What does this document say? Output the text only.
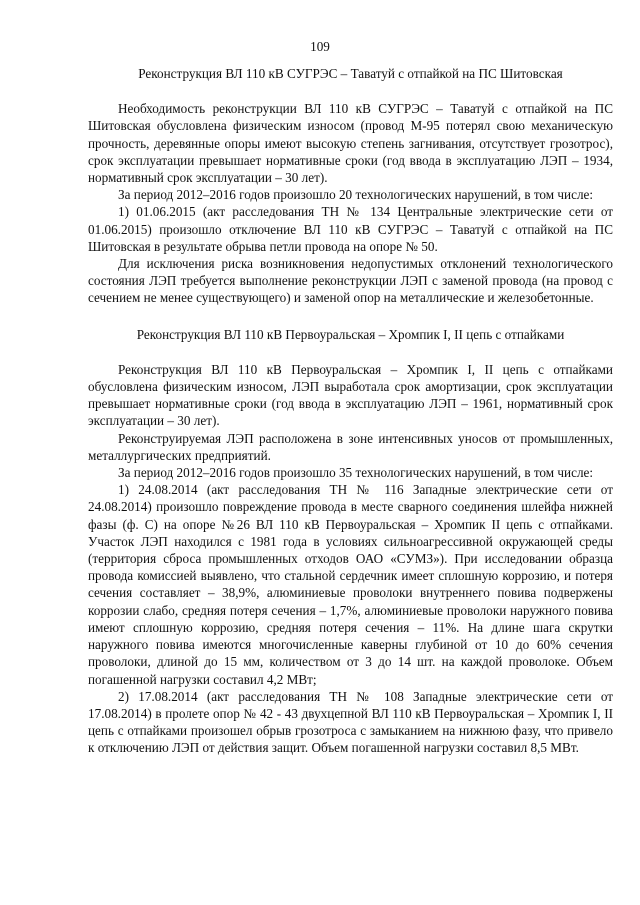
109

Реконструкция ВЛ 110 кВ СУГРЭС – Таватуй с отпайкой на ПС Шитовская

Необходимость реконструкции ВЛ 110 кВ СУГРЭС – Таватуй с отпайкой на ПС Шитовская обусловлена физическим износом (провод М-95 потерял свою механическую прочность, деревянные опоры имеют высокую степень загнивания, отсутствует грозотрос), срок эксплуатации превышает нормативные сроки (год ввода в эксплуатацию ЛЭП – 1934, нормативный срок эксплуатации – 30 лет).

За период 2012–2016 годов произошло 20 технологических нарушений, в том числе:

1) 01.06.2015 (акт расследования ТН № 134 Центральные электрические сети от 01.06.2015) произошло отключение ВЛ 110 кВ СУГРЭС – Таватуй с отпайкой на ПС Шитовская в результате обрыва петли провода на опоре № 50.

Для исключения риска возникновения недопустимых отклонений технологического состояния ЛЭП требуется выполнение реконструкции ЛЭП с заменой провода (на провод с сечением не менее существующего) и заменой опор на металлические и железобетонные.

Реконструкция ВЛ 110 кВ Первоуральская – Хромпик I, II цепь с отпайками

Реконструкция ВЛ 110 кВ Первоуральская – Хромпик I, II цепь с отпайками обусловлена физическим износом, ЛЭП выработала срок амортизации, срок эксплуатации превышает нормативные сроки (год ввода в эксплуатацию ЛЭП – 1961, нормативный срок эксплуатации – 30 лет).

Реконструируемая ЛЭП расположена в зоне интенсивных уносов от промышленных, металлургических предприятий.

За период 2012–2016 годов произошло 35 технологических нарушений, в том числе:

1) 24.08.2014 (акт расследования ТН № 116 Западные электрические сети от 24.08.2014) произошло повреждение провода в месте сварного соединения шлейфа нижней фазы (ф. С) на опоре №26 ВЛ 110 кВ Первоуральская – Хромпик II цепь с отпайками. Участок ЛЭП находился с 1981 года в условиях сильноагрессивной окружающей среды (территория сброса промышленных отходов ОАО «СУМЗ»). При исследовании образца провода комиссией выявлено, что стальной сердечник имеет сплошную коррозию, и потеря сечения составляет – 38,9%, алюминиевые проволоки внутреннего повива подвержены коррозии слабо, средняя потеря сечения – 1,7%, алюминиевые проволоки наружного повива имеют сплошную коррозию, средняя потеря сечения – 11%. На длине шага скрутки наружного повива имеются многочисленные каверны глубиной от 10 до 60% сечения проволоки, длиной до 15 мм, количеством от 3 до 14 шт. на каждой проволоке. Объем погашенной нагрузки составил 4,2 МВт;

2) 17.08.2014 (акт расследования ТН № 108 Западные электрические сети от 17.08.2014) в пролете опор № 42 - 43 двухцепной ВЛ 110 кВ Первоуральская – Хромпик I, II цепь с отпайками произошел обрыв грозотроса с замыканием на нижнюю фазу, что привело к отключению ЛЭП от действия защит. Объем погашенной нагрузки составил 8,5 МВт.
